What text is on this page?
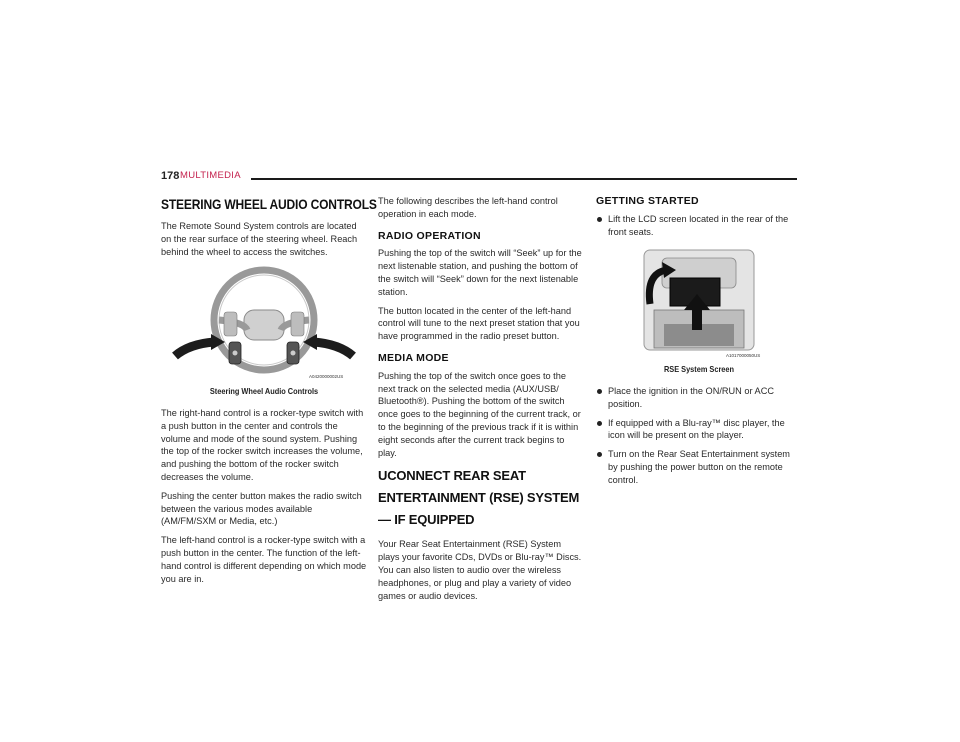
178 MULTIMEDIA
STEERING WHEEL AUDIO CONTROLS

The Remote Sound System controls are located on the rear surface of the steering wheel. Reach behind the wheel to access the switches.

A0420000002US
Steering Wheel Audio Controls

The right-hand control is a rocker-type switch with a push button in the center and controls the volume and mode of the sound system. Pushing the top of the rocker switch increases the volume, and pushing the bottom of the rocker switch decreases the volume.

Pushing the center button makes the radio switch between the various modes available (AM/FM/SXM or Media, etc.)

The left-hand control is a rocker-type switch with a push button in the center. The function of the left-hand control is different depending on which mode you are in.

The following describes the left-hand control operation in each mode.

RADIO OPERATION

Pushing the top of the switch will “Seek” up for the next listenable station, and pushing the bottom of the switch will “Seek” down for the next listenable station.

The button located in the center of the left-hand control will tune to the next preset station that you have programmed in the radio preset button.

MEDIA MODE

Pushing the top of the switch once goes to the next track on the selected media (AUX/USB/ Bluetooth®). Pushing the bottom of the switch once goes to the beginning of the current track, or to the beginning of the previous track if it is within eight seconds after the current track begins to play.

UCONNECT REAR SEAT ENTERTAINMENT (RSE) SYSTEM — IF EQUIPPED

Your Rear Seat Entertainment (RSE) System plays your favorite CDs, DVDs or Blu-ray™ Discs. You can also listen to audio over the wireless headphones, or plug and play a variety of video games or audio devices.

GETTING STARTED
Lift the LCD screen located in the rear of the front seats.
A1017000050US
RSE System Screen
Place the ignition in the ON/RUN or ACC position.
If equipped with a Blu-ray™ disc player, the icon will be present on the player.
Turn on the Rear Seat Entertainment system by pushing the power button on the remote control.
